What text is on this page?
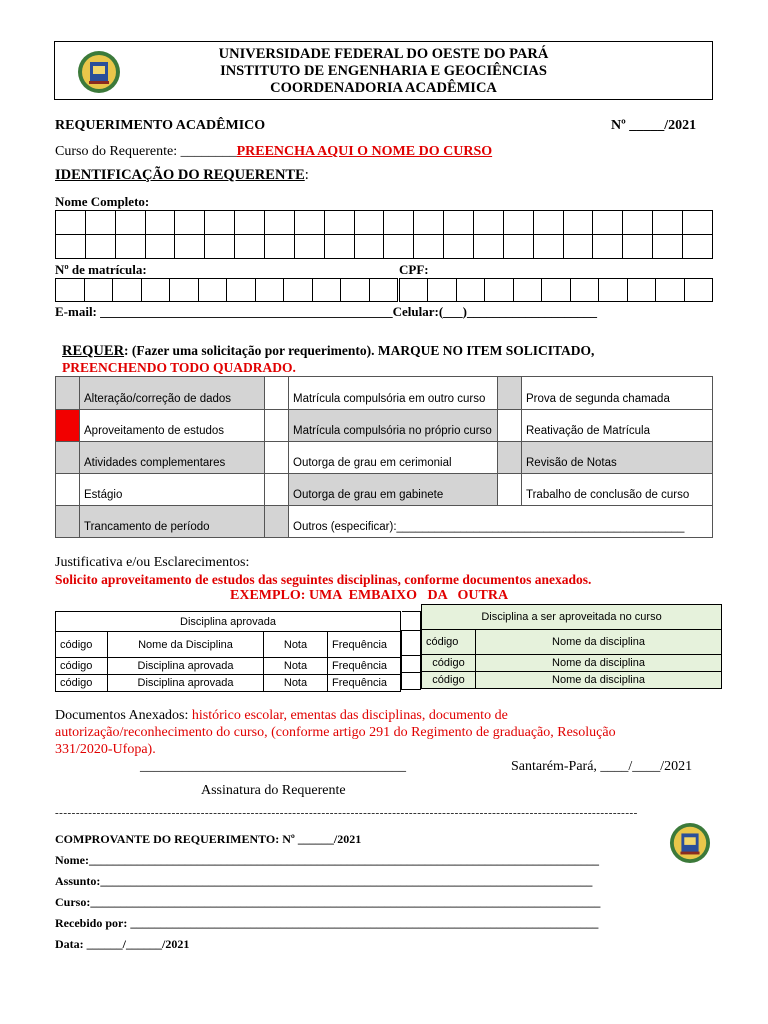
UNIVERSIDADE FEDERAL DO OESTE DO PARÁ
INSTITUTO DE ENGENHARIA E GEOCIÊNCIAS
COORDENADORIA ACADÊMICA
REQUERIMENTO ACADÊMICO	Nº _____/2021
Curso do Requerente: ________PREENCHA AQUI O NOME DO CURSO
IDENTIFICAÇÃO DO REQUERENTE:
Nome Completo:

Nº de matrícula:	CPF:

E-mail: _____________________________________________Celular:(___)____________________
REQUER: (Fazer uma solicitação por requerimento). MARQUE NO ITEM SOLICITADO,
PREENCHENDO TODO QUADRADO.
	Alteração/correção de dados		Matrícula compulsória em outro curso		Prova de segunda chamada
	Aproveitamento de estudos		Matrícula compulsória no próprio curso		Reativação de Matrícula
	Atividades complementares		Outorga de grau em cerimonial		Revisão de Notas
	Estágio		Outorga de grau em gabinete		Trabalho de conclusão de curso
	Trancamento de período		Outros (especificar):_____________________________________________		
Justificativa e/ou Esclarecimentos:
Solicito aproveitamento de estudos das seguintes disciplinas, conforme documentos anexados.
EXEMPLO: UMA  EMBAIXO   DA   OUTRA
Disciplina aprovada			
código	Nome da Disciplina	Nota	Frequência
código	Disciplina aprovada	Nota	Frequência
código	Disciplina aprovada	Nota	Frequência

Disciplina a ser aproveitada no curso	
código	Nome da disciplina
código	Nome da disciplina
código	Nome da disciplina
Documentos Anexados: histórico escolar, ementas das disciplinas, documento de
autorização/reconhecimento do curso, (conforme artigo 291 do Regimento de graduação, Resolução
331/2020-Ufopa).
______________________________________	Santarém-Pará, ____/____/2021
Assinatura do Requerente
--------------------------------------------------------------------------------------------------------------------------------------------
COMPROVANTE DO REQUERIMENTO: Nº ______/2021
Nome:_____________________________________________________________________________________
Assunto:__________________________________________________________________________________
Curso:_____________________________________________________________________________________
Recebido por: ______________________________________________________________________________
Data: ______/______/2021
